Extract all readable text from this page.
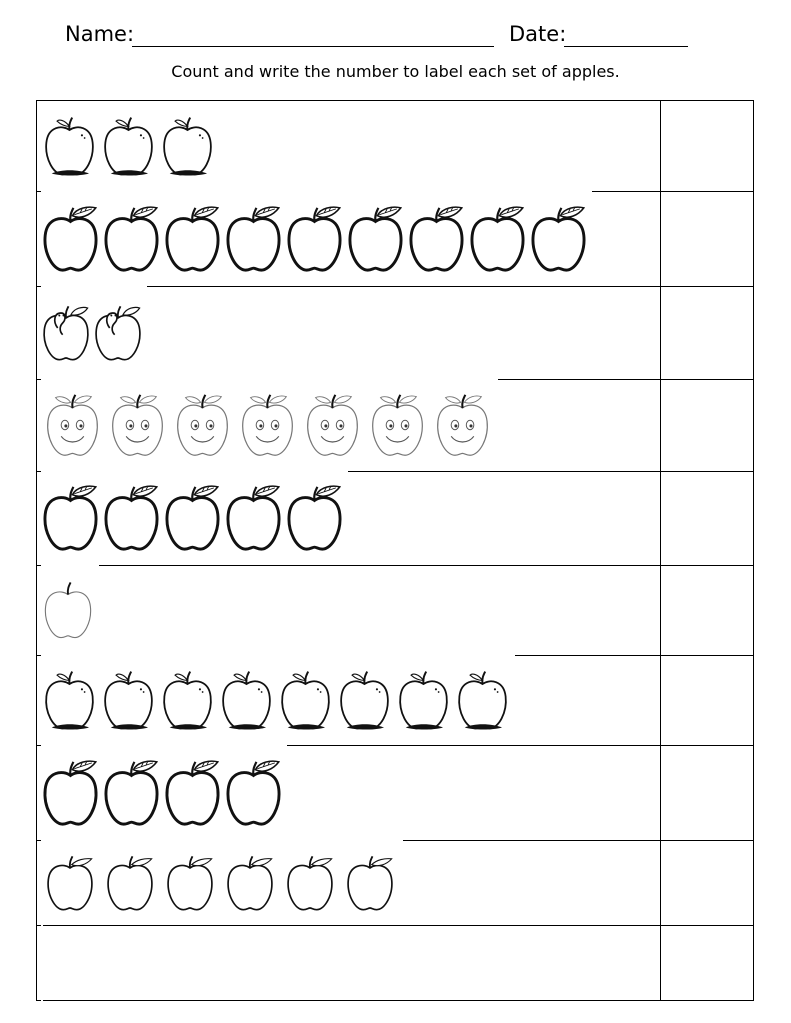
Name:	Date:
Count and write the number to label each set of apples.
